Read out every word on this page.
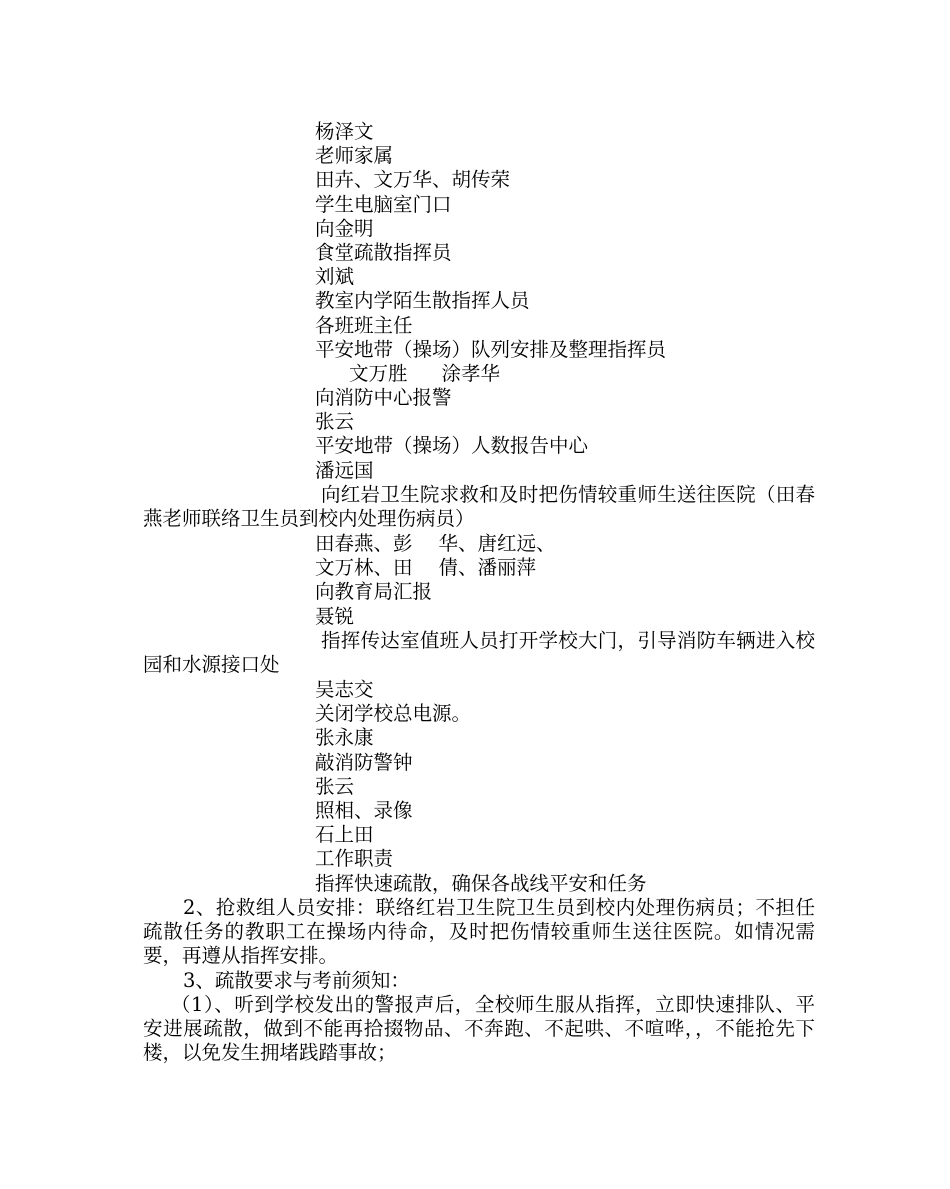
杨泽文
老师家属
田卉、文万华、胡传荣
学生电脑室门口
向金明
食堂疏散指挥员
刘斌
教室内学陌生散指挥人员
各班班主任
平安地带（操场）队列安排及整理指挥员
文万胜 涂孝华
向消防中心报警
张云
平安地带（操场）人数报告中心
潘远国
向红岩卫生院求救和及时把伤情较重师生送往医院（田春燕老师联络卫生员到校内处理伤病员）
田春燕、彭 华、唐红远、
文万林、田 倩、潘丽萍
向教育局汇报
聂锐
指挥传达室值班人员打开学校大门，引导消防车辆进入校园和水源接口处
吴志交
关闭学校总电源。
张永康
敲消防警钟
张云
照相、录像
石上田
工作职责
指挥快速疏散，确保各战线平安和任务
2、抢救组人员安排：联络红岩卫生院卫生员到校内处理伤病员；不担任疏散任务的教职工在操场内待命，及时把伤情较重师生送往医院。如情况需要，再遵从指挥安排。
3、疏散要求与考前须知：
（1）、听到学校发出的警报声后，全校师生服从指挥，立即快速排队、平安进展疏散，做到不能再拾掇物品、不奔跑、不起哄、不喧哗，，不能抢先下楼，以免发生拥堵践踏事故；
